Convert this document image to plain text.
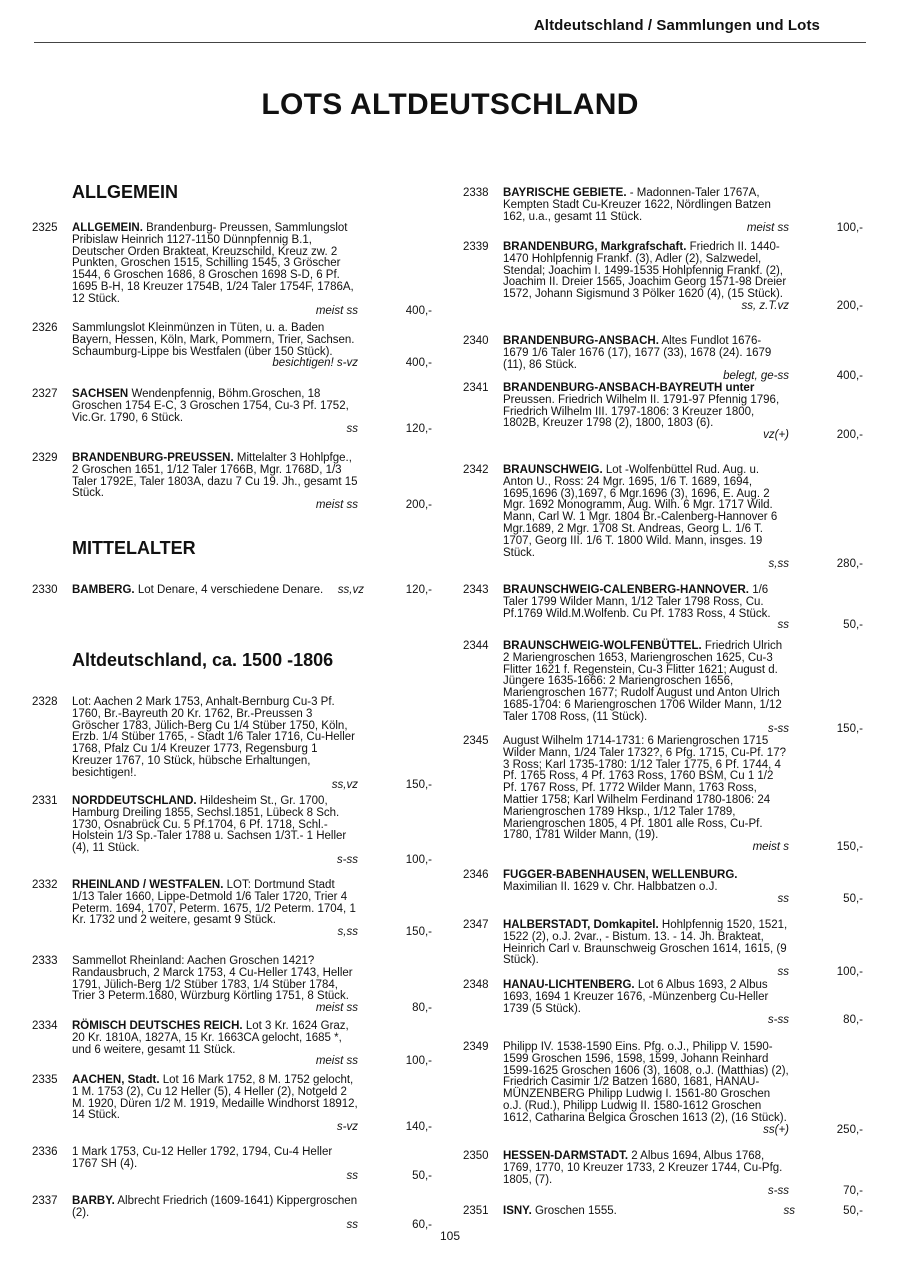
Altdeutschland / Sammlungen und Lots
LOTS ALTDEUTSCHLAND
ALLGEMEIN
2325	ALLGEMEIN. Brandenburg- Preussen, Sammlungslot Pribislaw Heinrich 1127-1150 Dünnpfennig B.1, Deutscher Orden Brakteat, Kreuzschild, Kreuz zw. 2 Punkten, Groschen 1515, Schilling 1545, 3 Gröscher 1544, 6 Groschen 1686, 8 Groschen 1698 S-D, 6 Pf. 1695 B-H, 18 Kreuzer 1754B, 1/24 Taler 1754F, 1786A, 12 Stück.
meist ss	400,-
2326	Sammlungslot Kleinmünzen in Tüten, u. a. Baden Bayern, Hessen, Köln, Mark, Pommern, Trier, Sachsen. Schaumburg-Lippe bis Westfalen (über 150 Stück).
besichtigen! s-vz	400,-
2327	SACHSEN Wendenpfennig, Böhm.Groschen, 18 Groschen 1754 E-C, 3 Groschen 1754, Cu-3 Pf. 1752, Vic.Gr. 1790, 6 Stück.
ss	120,-
2329	BRANDENBURG-PREUSSEN. Mittelalter 3 Hohlpfge., 2 Groschen 1651, 1/12 Taler 1766B, Mgr. 1768D, 1/3 Taler 1792E, Taler 1803A, dazu 7 Cu 19. Jh., gesamt 15 Stück.
meist ss	200,-
MITTELALTER
2330	BAMBERG. Lot Denare, 4 verschiedene Denare. ss,vz	120,-
Altdeutschland, ca. 1500 -1806
2328	Lot: Aachen 2 Mark 1753, Anhalt-Bernburg Cu-3 Pf. 1760, Br.-Bayreuth 20 Kr. 1762, Br.-Preussen 3 Gröscher 1783, Jülich-Berg Cu 1/4 Stüber 1750, Köln, Erzb. 1/4 Stüber 1765, - Stadt 1/6 Taler 1716, Cu-Heller 1768, Pfalz Cu 1/4 Kreuzer 1773, Regensburg 1 Kreuzer 1767, 10 Stück, hübsche Erhaltungen, besichtigen!.
ss,vz	150,-
2331	NORDDEUTSCHLAND. Hildesheim St., Gr. 1700, Hamburg Dreiling 1855, Sechsl.1851, Lübeck 8 Sch. 1730, Osnabrück Cu. 5 Pf.1704, 6 Pf. 1718, Schl.-Holstein 1/3 Sp.-Taler 1788 u. Sachsen 1/3T.- 1 Heller (4), 11 Stück.
s-ss	100,-
2332	RHEINLAND / WESTFALEN. LOT: Dortmund Stadt 1/13 Taler 1660, Lippe-Detmold 1/6 Taler 1720, Trier 4 Peterm. 1694, 1707, Peterm. 1675, 1/2 Peterm. 1704, 1 Kr. 1732 und 2 weitere, gesamt 9 Stück.
s,ss	150,-
2333	Sammellot Rheinland: Aachen Groschen 1421? Randausbruch, 2 Marck 1753, 4 Cu-Heller 1743, Heller 1791, Jülich-Berg 1/2 Stüber 1783, 1/4 Stüber 1784, Trier 3 Peterm.1680, Würzburg Körtling 1751, 8 Stück.
meist ss	80,-
2334	RÖMISCH DEUTSCHES REICH. Lot 3 Kr. 1624 Graz, 20 Kr. 1810A, 1827A, 15 Kr. 1663CA gelocht, 1685 *, und 6 weitere, gesamt 11 Stück.
meist ss	100,-
2335	AACHEN, Stadt. Lot 16 Mark 1752, 8 M. 1752 gelocht, 1 M. 1753 (2), Cu 12 Heller (5), 4 Heller (2), Notgeld 2 M. 1920, Düren 1/2 M. 1919, Medaille Windhorst 18912, 14 Stück.
s-vz	140,-
2336	1 Mark 1753, Cu-12 Heller 1792, 1794, Cu-4 Heller 1767 SH (4).
ss	50,-
2337	BARBY. Albrecht Friedrich (1609-1641) Kippergroschen (2).
ss	60,-
2338	BAYRISCHE GEBIETE. - Madonnen-Taler 1767A, Kempten Stadt Cu-Kreuzer 1622, Nördlingen Batzen 162, u.a., gesamt 11 Stück.
meist ss	100,-
2339	BRANDENBURG, Markgrafschaft. Friedrich II. 1440-1470 Hohlpfennig Frankf. (3), Adler (2), Salzwedel, Stendal; Joachim I. 1499-1535 Hohlpfennig Frankf. (2), Joachim II. Dreier 1565, Joachim Georg 1571-98 Dreier 1572, Johann Sigismund 3 Pölker 1620 (4), (15 Stück).
ss, z.T.vz	200,-
2340	BRANDENBURG-ANSBACH. Altes Fundlot 1676- 1679 1/6 Taler 1676 (17), 1677 (33), 1678 (24). 1679 (11), 86 Stück.
belegt, ge-ss	400,-
2341	BRANDENBURG-ANSBACH-BAYREUTH unter Preussen. Friedrich Wilhelm II. 1791-97 Pfennig 1796, Friedrich Wilhelm III. 1797-1806: 3 Kreuzer 1800, 1802B, Kreuzer 1798 (2), 1800, 1803 (6).
vz(+)	200,-
2342	BRAUNSCHWEIG. Lot -Wolfenbüttel Rud. Aug. u. Anton U., Ross: 24 Mgr. 1695, 1/6 T. 1689, 1694, 1695,1696 (3),1697, 6 Mgr.1696 (3), 1696, E. Aug. 2 Mgr. 1692 Monogramm, Aug. Wilh. 6 Mgr. 1717 Wild. Mann, Carl W. 1 Mgr. 1804 Br.-Calenberg-Hannover 6 Mgr.1689, 2 Mgr. 1708 St. Andreas, Georg L. 1/6 T. 1707, Georg III. 1/6 T. 1800 Wild. Mann, insges. 19 Stück.
s,ss	280,-
2343	BRAUNSCHWEIG-CALENBERG-HANNOVER. 1/6 Taler 1799 Wilder Mann, 1/12 Taler 1798 Ross, Cu. Pf.1769 Wild.M.Wolfenb. Cu Pf. 1783 Ross, 4 Stück.
ss	50,-
2344	BRAUNSCHWEIG-WOLFENBÜTTEL. Friedrich Ulrich 2 Mariengroschen 1653, Mariengroschen 1625, Cu-3 Flitter 1621 f. Regenstein, Cu-3 Flitter 1621; August d. Jüngere 1635-1666: 2 Mariengroschen 1656, Mariengroschen 1677; Rudolf August und Anton Ulrich 1685-1704: 6 Mariengroschen 1706 Wilder Mann, 1/12 Taler 1708 Ross, (11 Stück).
s-ss	150,-
2345	August Wilhelm 1714-1731: 6 Mariengroschen 1715 Wilder Mann, 1/24 Taler 1732?, 6 Pfg. 1715, Cu-Pf. 17?3 Ross; Karl 1735-1780: 1/12 Taler 1775, 6 Pf. 1744, 4 Pf. 1765 Ross, 4 Pf. 1763 Ross, 1760 BSM, Cu 1 1/2 Pf. 1767 Ross, Pf. 1772 Wilder Mann, 1763 Ross, Mattier 1758; Karl Wilhelm Ferdinand 1780-1806: 24 Mariengroschen 1789 Hksp., 1/12 Taler 1789, Mariengroschen 1805, 4 Pf. 1801 alle Ross, Cu-Pf. 1780, 1781 Wilder Mann, (19).
meist s	150,-
2346	FUGGER-BABENHAUSEN, WELLENBURG. Maximilian II. 1629 v. Chr. Halbbatzen o.J.
ss	50,-
2347	HALBERSTADT, Domkapitel. Hohlpfennig 1520, 1521, 1522 (2), o.J. 2var., - Bistum. 13. - 14. Jh. Brakteat, Heinrich Carl v. Braunschweig Groschen 1614, 1615, (9 Stück).
ss	100,-
2348	HANAU-LICHTENBERG. Lot 6 Albus 1693, 2 Albus 1693, 1694 1 Kreuzer 1676, -Münzenberg Cu-Heller 1739 (5 Stück).
s-ss	80,-
2349	Philipp IV. 1538-1590 Eins. Pfg. o.J., Philipp V. 1590-1599 Groschen 1596, 1598, 1599, Johann Reinhard 1599-1625 Groschen 1606 (3), 1608, o.J. (Matthias) (2), Friedrich Casimir 1/2 Batzen 1680, 1681, HANAU- MÜNZENBERG Philipp Ludwig I. 1561-80 Groschen o.J. (Rud.), Philipp Ludwig II. 1580-1612 Groschen 1612, Catharina Belgica Groschen 1613 (2), (16 Stück).
ss(+)	250,-
2350	HESSEN-DARMSTADT. 2 Albus 1694, Albus 1768, 1769, 1770, 10 Kreuzer 1733, 2 Kreuzer 1744, Cu-Pfg. 1805, (7).
s-ss	70,-
2351	ISNY. Groschen 1555.	ss	50,-
105
